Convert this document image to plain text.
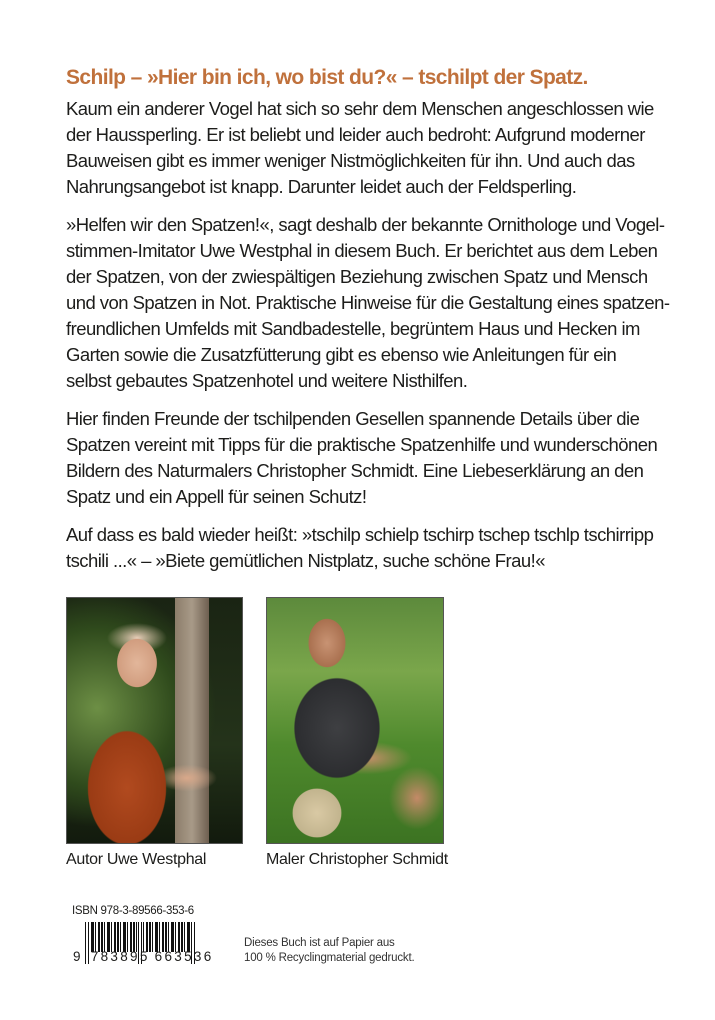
Schilp – »Hier bin ich, wo bist du?« – tschilpt der Spatz.

Kaum ein anderer Vogel hat sich so sehr dem Menschen angeschlossen wie
der Haussperling. Er ist beliebt und leider auch bedroht: Aufgrund moderner
Bauweisen gibt es immer weniger Nistmöglichkeiten für ihn. Und auch das
Nahrungsangebot ist knapp. Darunter leidet auch der Feldsperling.

»Helfen wir den Spatzen!«, sagt deshalb der bekannte Ornithologe und Vogel-
stimmen-Imitator Uwe Westphal in diesem Buch. Er berichtet aus dem Leben
der Spatzen, von der zwiespältigen Beziehung zwischen Spatz und Mensch
und von Spatzen in Not. Praktische Hinweise für die Gestaltung eines spatzen-
freundlichen Umfelds mit Sandbadestelle, begrüntem Haus und Hecken im
Garten sowie die Zusatzfütterung gibt es ebenso wie Anleitungen für ein
selbst gebautes Spatzenhotel und weitere Nisthilfen.

Hier finden Freunde der tschilpenden Gesellen spannende Details über die
Spatzen vereint mit Tipps für die praktische Spatzenhilfe und wunderschönen
Bildern des Naturmalers Christopher Schmidt. Eine Liebeserklärung an den
Spatz und ein Appell für seinen Schutz!

Auf dass es bald wieder heißt: »tschilp schielp tschirp tschep tschlp tschirripp
tschili ...« – »Biete gemütlichen Nistplatz, suche schöne Frau!«

Autor Uwe Westphal	Maler Christopher Schmidt
ISBN 978-3-89566-353-6
9 783895 663536
Dieses Buch ist auf Papier aus
100 % Recyclingmaterial gedruckt.
